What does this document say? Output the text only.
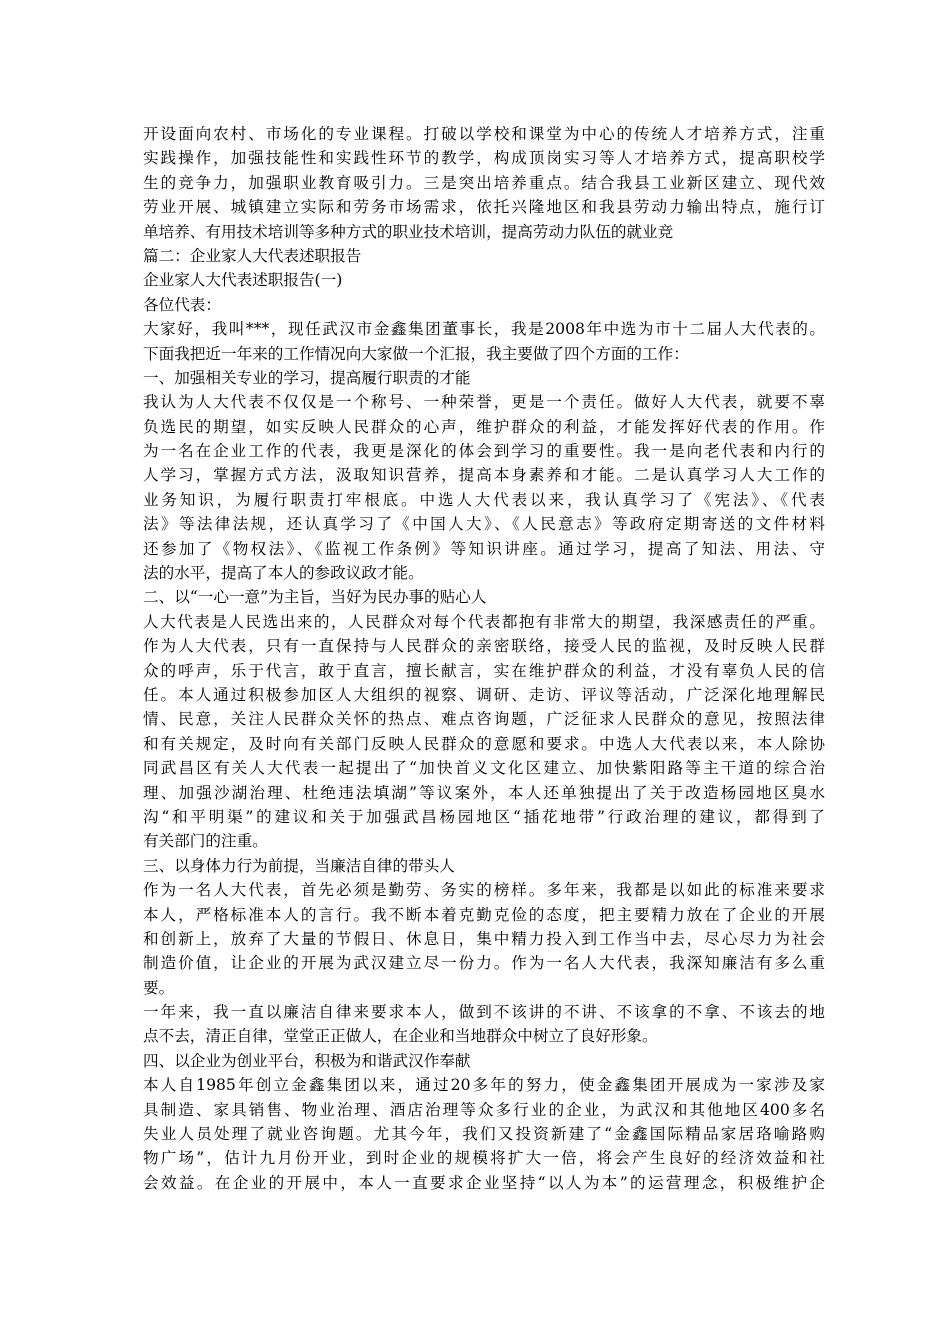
开设面向农村、市场化的专业课程。打破以学校和课堂为中心的传统人才培养方式，注重
实践操作，加强技能性和实践性环节的教学，构成顶岗实习等人才培养方式，提高职校学
生的竞争力，加强职业教育吸引力。三是突出培养重点。结合我县工业新区建立、现代效
劳业开展、城镇建立实际和劳务市场需求，依托兴隆地区和我县劳动力输出特点，施行订
单培养、有用技术培训等多种方式的职业技术培训，提高劳动力队伍的就业竞
篇二：企业家人大代表述职报告
企业家人大代表述职报告(一)
各位代表：
大家好，我叫***，现任武汉市金鑫集团董事长，我是2008年中选为市十二届人大代表的。
下面我把近一年来的工作情况向大家做一个汇报，我主要做了四个方面的工作：
一、加强相关专业的学习，提高履行职责的才能
我认为人大代表不仅仅是一个称号、一种荣誉，更是一个责任。做好人大代表，就要不辜
负选民的期望，如实反映人民群众的心声，维护群众的利益，才能发挥好代表的作用。作
为一名在企业工作的代表，我更是深化的体会到学习的重要性。我一是向老代表和内行的
人学习，掌握方式方法，汲取知识营养，提高本身素养和才能。二是认真学习人大工作的
业务知识，为履行职责打牢根底。中选人大代表以来，我认真学习了《宪法》、《代表
法》等法律法规，还认真学习了《中国人大》、《人民意志》等政府定期寄送的文件材料
还参加了《物权法》、《监视工作条例》等知识讲座。通过学习，提高了知法、用法、守
法的水平，提高了本人的参政议政才能。
二、以“一心一意”为主旨，当好为民办事的贴心人
人大代表是人民选出来的，人民群众对每个代表都抱有非常大的期望，我深感责任的严重。
作为人大代表，只有一直保持与人民群众的亲密联络，接受人民的监视，及时反映人民群
众的呼声，乐于代言，敢于直言，擅长献言，实在维护群众的利益，才没有辜负人民的信
任。本人通过积极参加区人大组织的视察、调研、走访、评议等活动，广泛深化地理解民
情、民意，关注人民群众关怀的热点、难点咨询题，广泛征求人民群众的意见，按照法律
和有关规定，及时向有关部门反映人民群众的意愿和要求。中选人大代表以来，本人除协
同武昌区有关人大代表一起提出了“加快首义文化区建立、加快紫阳路等主干道的综合治
理、加强沙湖治理、杜绝违法填湖”等议案外，本人还单独提出了关于改造杨园地区臭水
沟“和平明渠”的建议和关于加强武昌杨园地区“插花地带”行政治理的建议，都得到了
有关部门的注重。
三、以身体力行为前提，当廉洁自律的带头人
作为一名人大代表，首先必须是勤劳、务实的榜样。多年来，我都是以如此的标准来要求
本人，严格标准本人的言行。我不断本着克勤克俭的态度，把主要精力放在了企业的开展
和创新上，放弃了大量的节假日、休息日，集中精力投入到工作当中去，尽心尽力为社会
制造价值，让企业的开展为武汉建立尽一份力。作为一名人大代表，我深知廉洁有多么重
要。
一年来，我一直以廉洁自律来要求本人，做到不该讲的不讲、不该拿的不拿、不该去的地
点不去，清正自律，堂堂正正做人，在企业和当地群众中树立了良好形象。
四、以企业为创业平台，积极为和谐武汉作奉献
本人自1985年创立金鑫集团以来，通过20多年的努力，使金鑫集团开展成为一家涉及家
具制造、家具销售、物业治理、酒店治理等众多行业的企业，为武汉和其他地区400多名
失业人员处理了就业咨询题。尤其今年，我们又投资新建了“金鑫国际精品家居珞喻路购
物广场”，估计九月份开业，到时企业的规模将扩大一倍，将会产生良好的经济效益和社
会效益。在企业的开展中，本人一直要求企业坚持“以人为本”的运营理念，积极维护企
